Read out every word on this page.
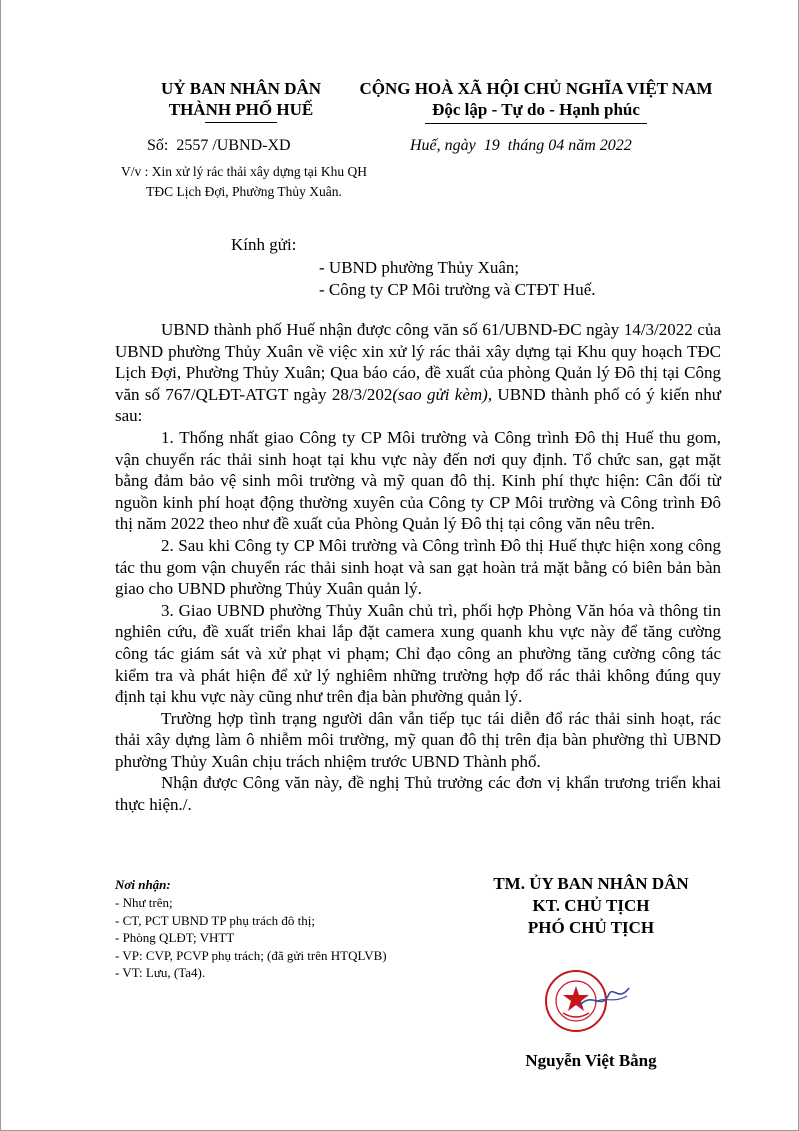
UỶ BAN NHÂN DÂN
THÀNH PHỐ HUẾ
CỘNG HOÀ XÃ HỘI CHỦ NGHĨA VIỆT NAM
Độc lập - Tự do - Hạnh phúc
Số:  2557 /UBND-XD	Huế, ngày  19  tháng 04 năm 2022
V/v : Xin xử lý rác thải xây dựng tại Khu QH TĐC Lịch Đợi, Phường Thủy Xuân.
Kính gửi:
- UBND phường Thủy Xuân;
- Công ty CP Môi trường và CTĐT Huế.

UBND thành phố Huế nhận được công văn số 61/UBND-ĐC ngày 14/3/2022 của UBND phường Thủy Xuân về việc xin xử lý rác thải xây dựng tại Khu quy hoạch TĐC Lịch Đợi, Phường Thủy Xuân; Qua báo cáo, đề xuất của phòng Quản lý Đô thị tại Công văn số 767/QLĐT-ATGT ngày 28/3/202(sao gửi kèm), UBND thành phố có ý kiến như sau:

1. Thống nhất giao Công ty CP Môi trường và Công trình Đô thị Huế thu gom, vận chuyển rác thải sinh hoạt tại khu vực này đến nơi quy định. Tổ chức san, gạt mặt bằng đảm bảo vệ sinh môi trường và mỹ quan đô thị. Kinh phí thực hiện: Cân đối từ nguồn kinh phí hoạt động thường xuyên của Công ty CP Môi trường và Công trình Đô thị năm 2022 theo như đề xuất của Phòng Quản lý Đô thị tại công văn nêu trên.

2. Sau khi Công ty CP Môi trường và Công trình Đô thị Huế thực hiện xong công tác thu gom vận chuyển rác thải sinh hoạt và san gạt hoàn trả mặt bằng có biên bản bàn giao cho UBND phường Thủy Xuân quản lý.

3. Giao UBND phường Thủy Xuân chủ trì, phối hợp Phòng Văn hóa và thông tin nghiên cứu, đề xuất triển khai lắp đặt camera xung quanh khu vực này để tăng cường công tác giám sát và xử phạt vi phạm; Chỉ đạo công an phường tăng cường công tác kiểm tra và phát hiện để xử lý nghiêm những trường hợp đổ rác thải không đúng quy định tại khu vực này cũng như trên địa bàn phường quản lý.

Trường hợp tình trạng người dân vẫn tiếp tục tái diễn đổ rác thải sinh hoạt, rác thải xây dựng làm ô nhiễm môi trường, mỹ quan đô thị trên địa bàn phường thì UBND phường Thủy Xuân chịu trách nhiệm trước UBND Thành phố.

Nhận được Công văn này, đề nghị Thủ trưởng các đơn vị khẩn trương triển khai thực hiện./.

Nơi nhận:
- Như trên;
- CT, PCT UBND TP phụ trách đô thị;
- Phòng QLĐT; VHTT
- VP: CVP, PCVP phụ trách; (đã gửi trên HTQLVB)
- VT: Lưu, (Ta4).
TM. ỦY BAN NHÂN DÂN
KT. CHỦ TỊCH
PHÓ CHỦ TỊCH
Nguyễn Việt Bằng
